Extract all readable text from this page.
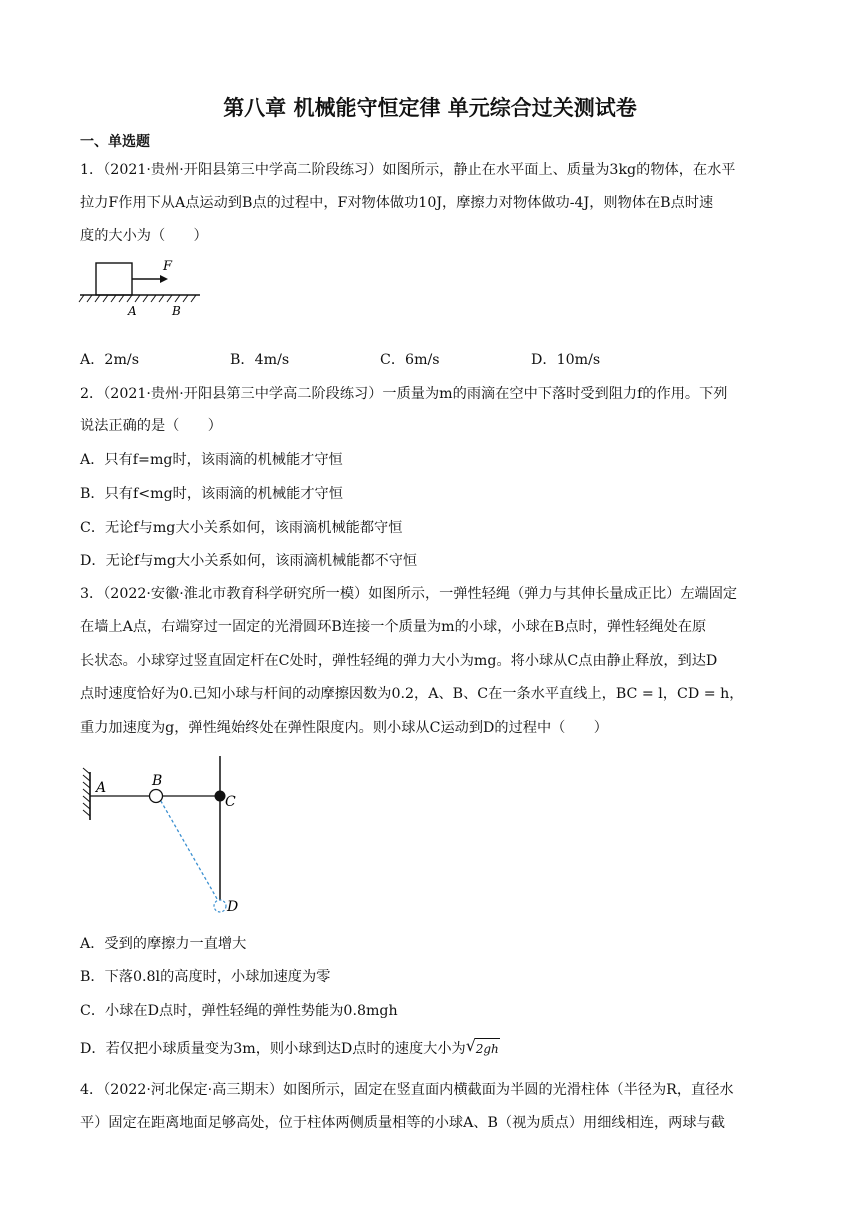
第八章 机械能守恒定律 单元综合过关测试卷
一、单选题
1．（2021·贵州·开阳县第三中学高二阶段练习）如图所示，静止在水平面上、质量为3kg的物体，在水平
拉力F作用下从A点运动到B点的过程中，F对物体做功10J，摩擦力对物体做功-4J，则物体在B点时速
度的大小为（　　）
F
A	B
A．2m/s	B．4m/s	C．6m/s	D．10m/s
2．（2021·贵州·开阳县第三中学高二阶段练习）一质量为m的雨滴在空中下落时受到阻力f的作用。下列
说法正确的是（　　）
A．只有f=mg时，该雨滴的机械能才守恒
B．只有f<mg时，该雨滴的机械能才守恒
C．无论f与mg大小关系如何，该雨滴机械能都守恒
D．无论f与mg大小关系如何，该雨滴机械能都不守恒
3．（2022·安徽·淮北市教育科学研究所一模）如图所示，一弹性轻绳（弹力与其伸长量成正比）左端固定
在墙上A点，右端穿过一固定的光滑圆环B连接一个质量为m的小球，小球在B点时，弹性轻绳处在原
长状态。小球穿过竖直固定杆在C处时，弹性轻绳的弹力大小为mg。将小球从C点由静止释放，到达D
点时速度恰好为0.已知小球与杆间的动摩擦因数为0.2，A、B、C在一条水平直线上，BC = l，CD = h，
重力加速度为g，弹性绳始终处在弹性限度内。则小球从C运动到D的过程中（　　）
A	B
C
D
A．受到的摩擦力一直增大
B．下落0.8l的高度时，小球加速度为零
C．小球在D点时，弹性轻绳的弹性势能为0.8mgh
D．若仅把小球质量变为3m，则小球到达D点时的速度大小为 √ 2gh
4．（2022·河北保定·高三期末）如图所示，固定在竖直面内横截面为半圆的光滑柱体（半径为R，直径水
平）固定在距离地面足够高处，位于柱体两侧质量相等的小球A、B（视为质点）用细线相连，两球与截
